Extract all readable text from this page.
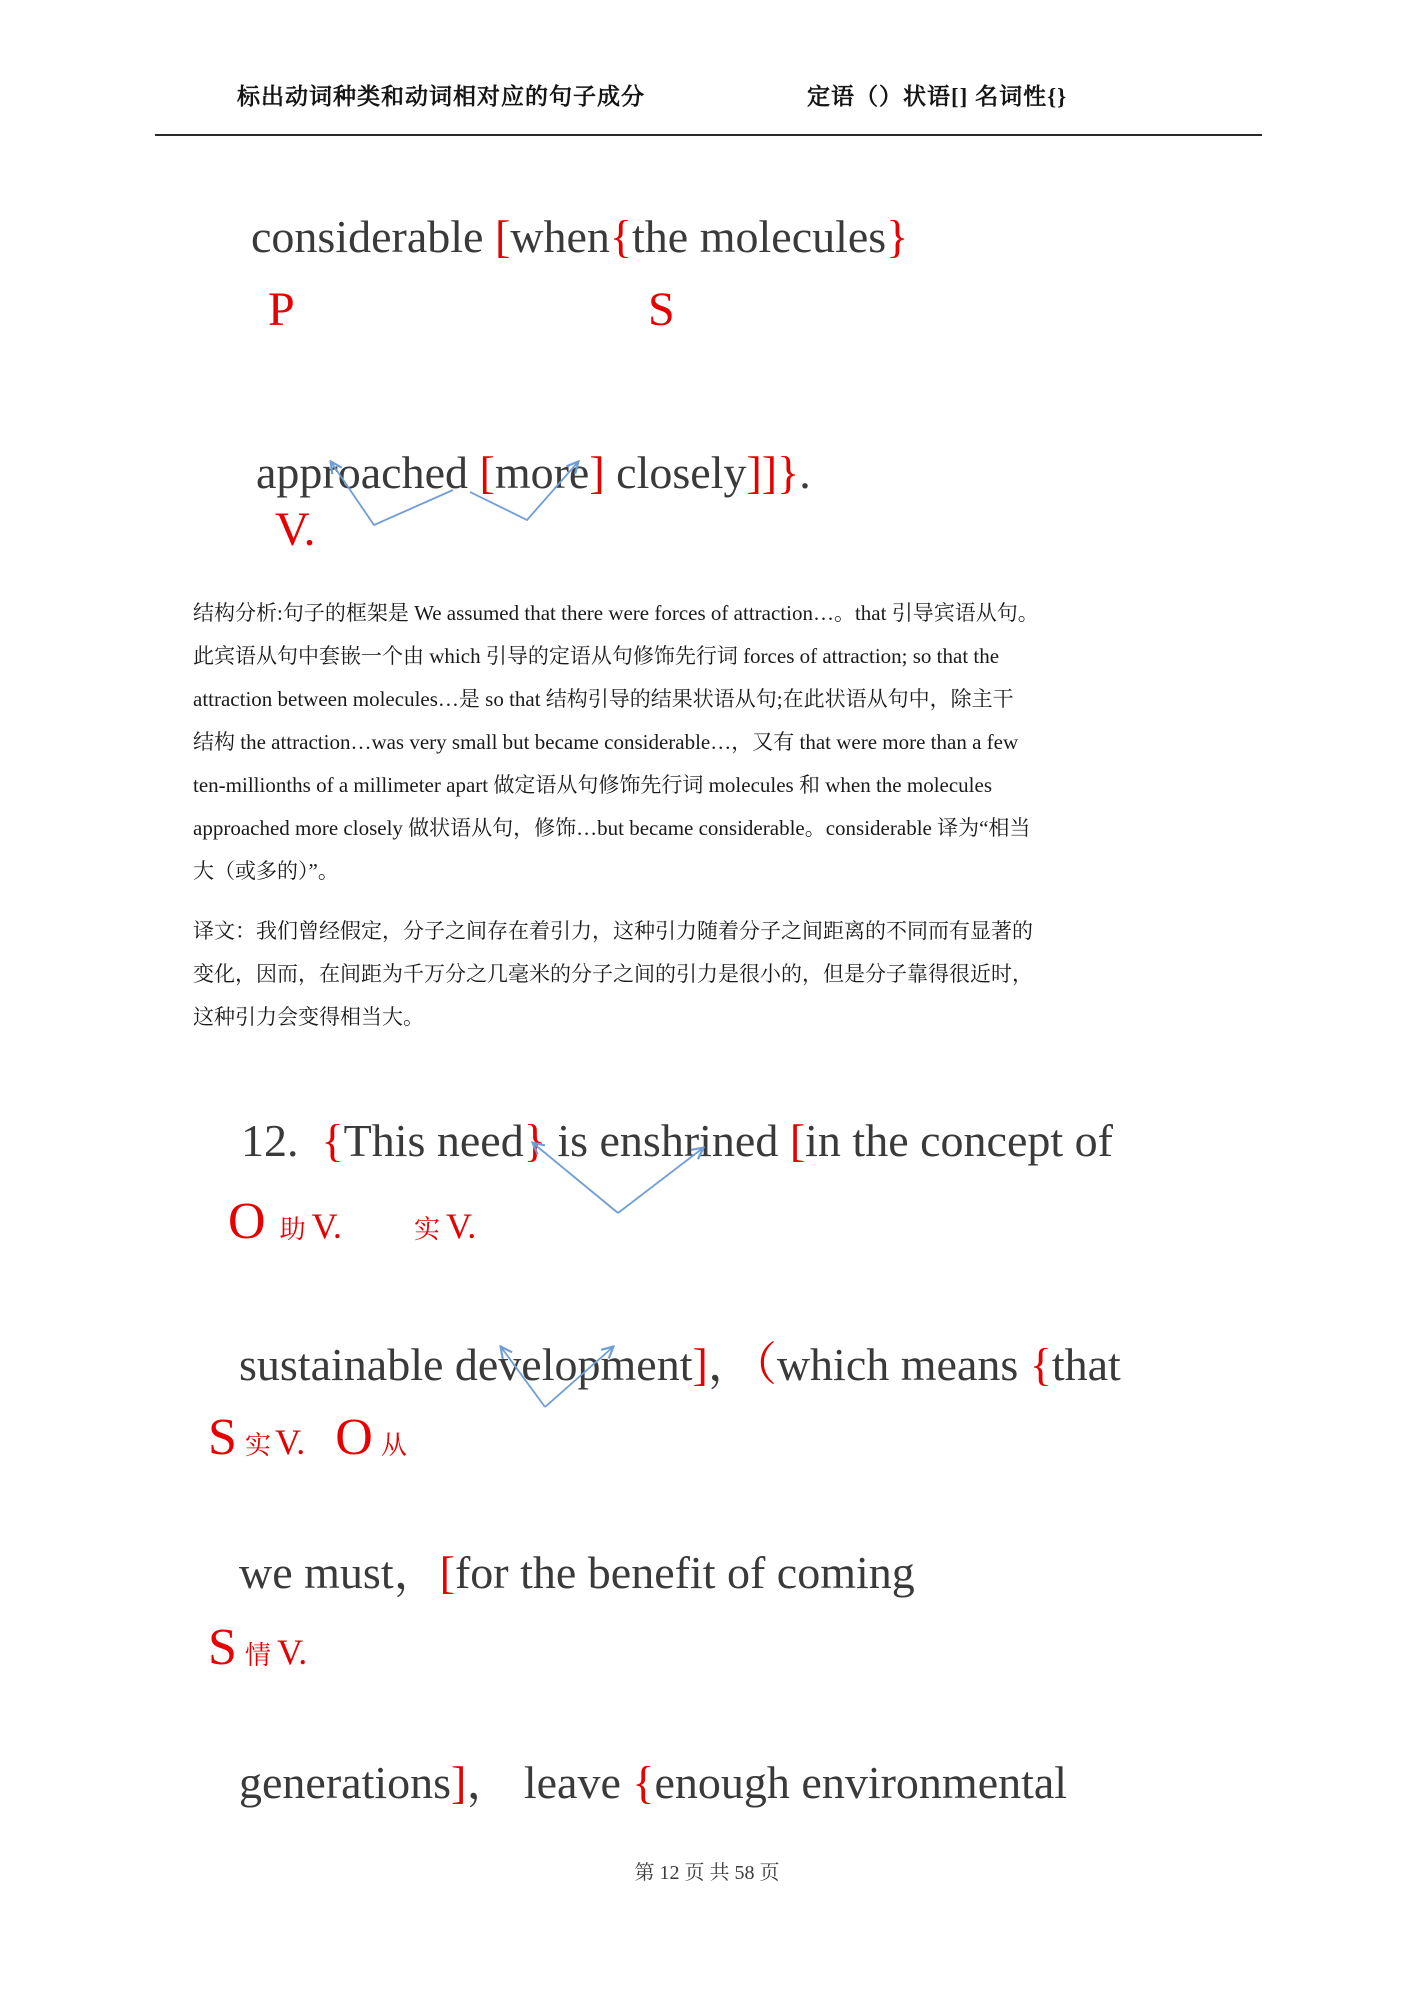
标出动词种类和动词相对应的句子成分	定语（）状语[] 名词性{}

considerable [when{the molecules}

P	S

approached [more] closely]]}.

V.
结构分析:句子的框架是 We assumed that there were forces of attraction…。that 引导宾语从句。
此宾语从句中套嵌一个由 which 引导的定语从句修饰先行词 forces of attraction; so that the
attraction between molecules…是 so that 结构引导的结果状语从句;在此状语从句中，除主干
结构 the attraction…was very small but became considerable…，又有 that were more than a few
ten-millionths of a millimeter apart 做定语从句修饰先行词 molecules 和 when the molecules
approached more closely 做状语从句，修饰…but became considerable。considerable 译为“相当
大（或多的）”。
译文：我们曾经假定，分子之间存在着引力，这种引力随着分子之间距离的不同而有显著的
变化，因而，在间距为千万分之几毫米的分子之间的引力是很小的，但是分子靠得很近时，
这种引力会变得相当大。

12.  {This need} is enshrined [in the concept of

O 助 V.	实 V.

sustainable development]，（which means {that

S 实 V. O 从

we must，[for the benefit of coming

S 情 V.

generations]， leave {enough environmental

第 12 页 共 58 页
